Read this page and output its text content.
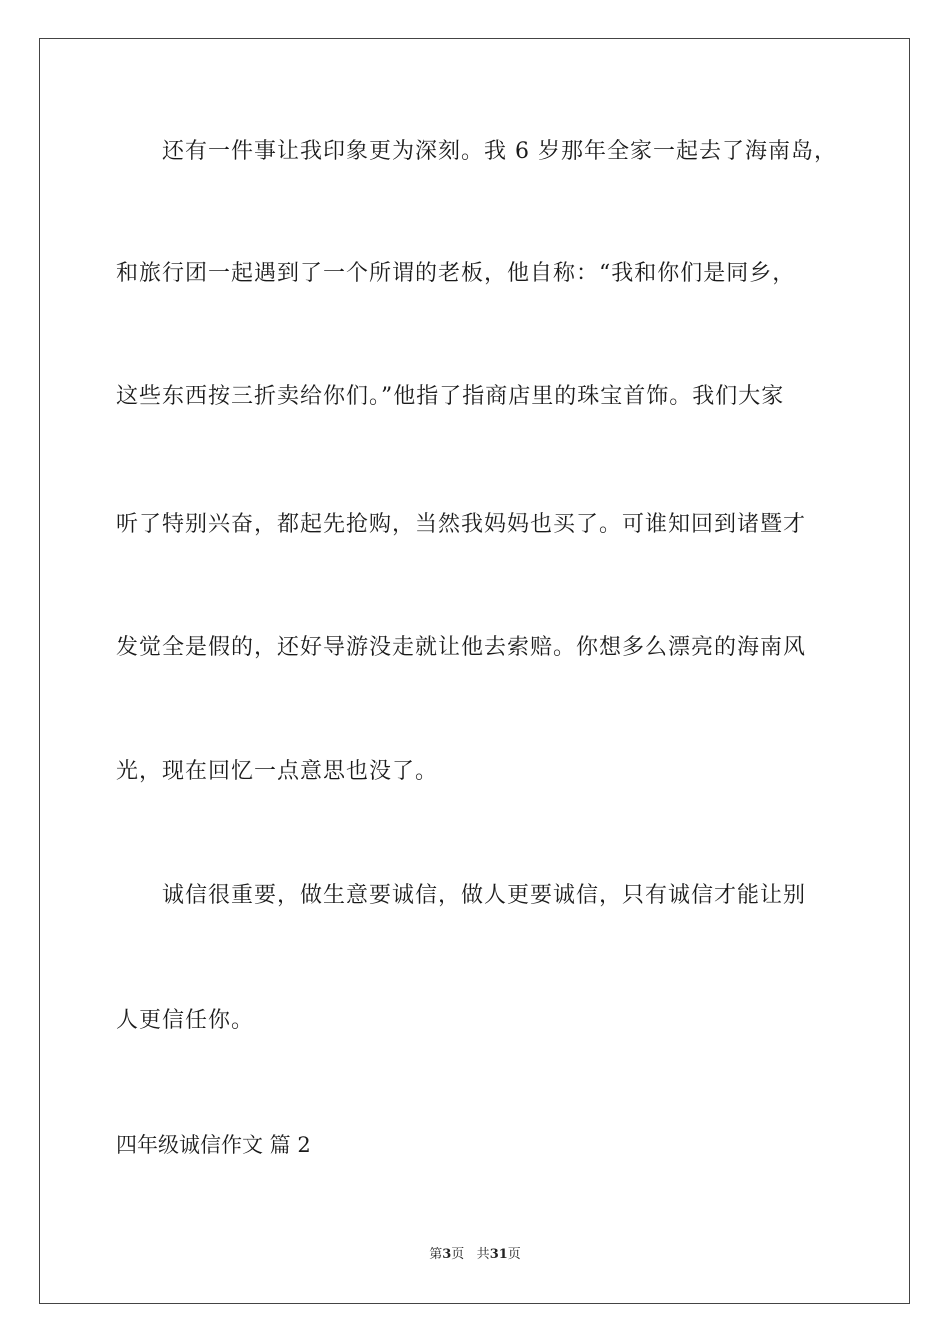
还有一件事让我印象更为深刻。我 6 岁那年全家一起去了海南岛，
和旅行团一起遇到了一个所谓的老板，他自称：“我和你们是同乡，
这些东西按三折卖给你们。”他指了指商店里的珠宝首饰。我们大家
听了特别兴奋，都起先抢购，当然我妈妈也买了。可谁知回到诸暨才
发觉全是假的，还好导游没走就让他去索赔。你想多么漂亮的海南风
光，现在回忆一点意思也没了。
诚信很重要，做生意要诚信，做人更要诚信，只有诚信才能让别
人更信任你。
四年级诚信作文 篇 2
第3页 共31页
